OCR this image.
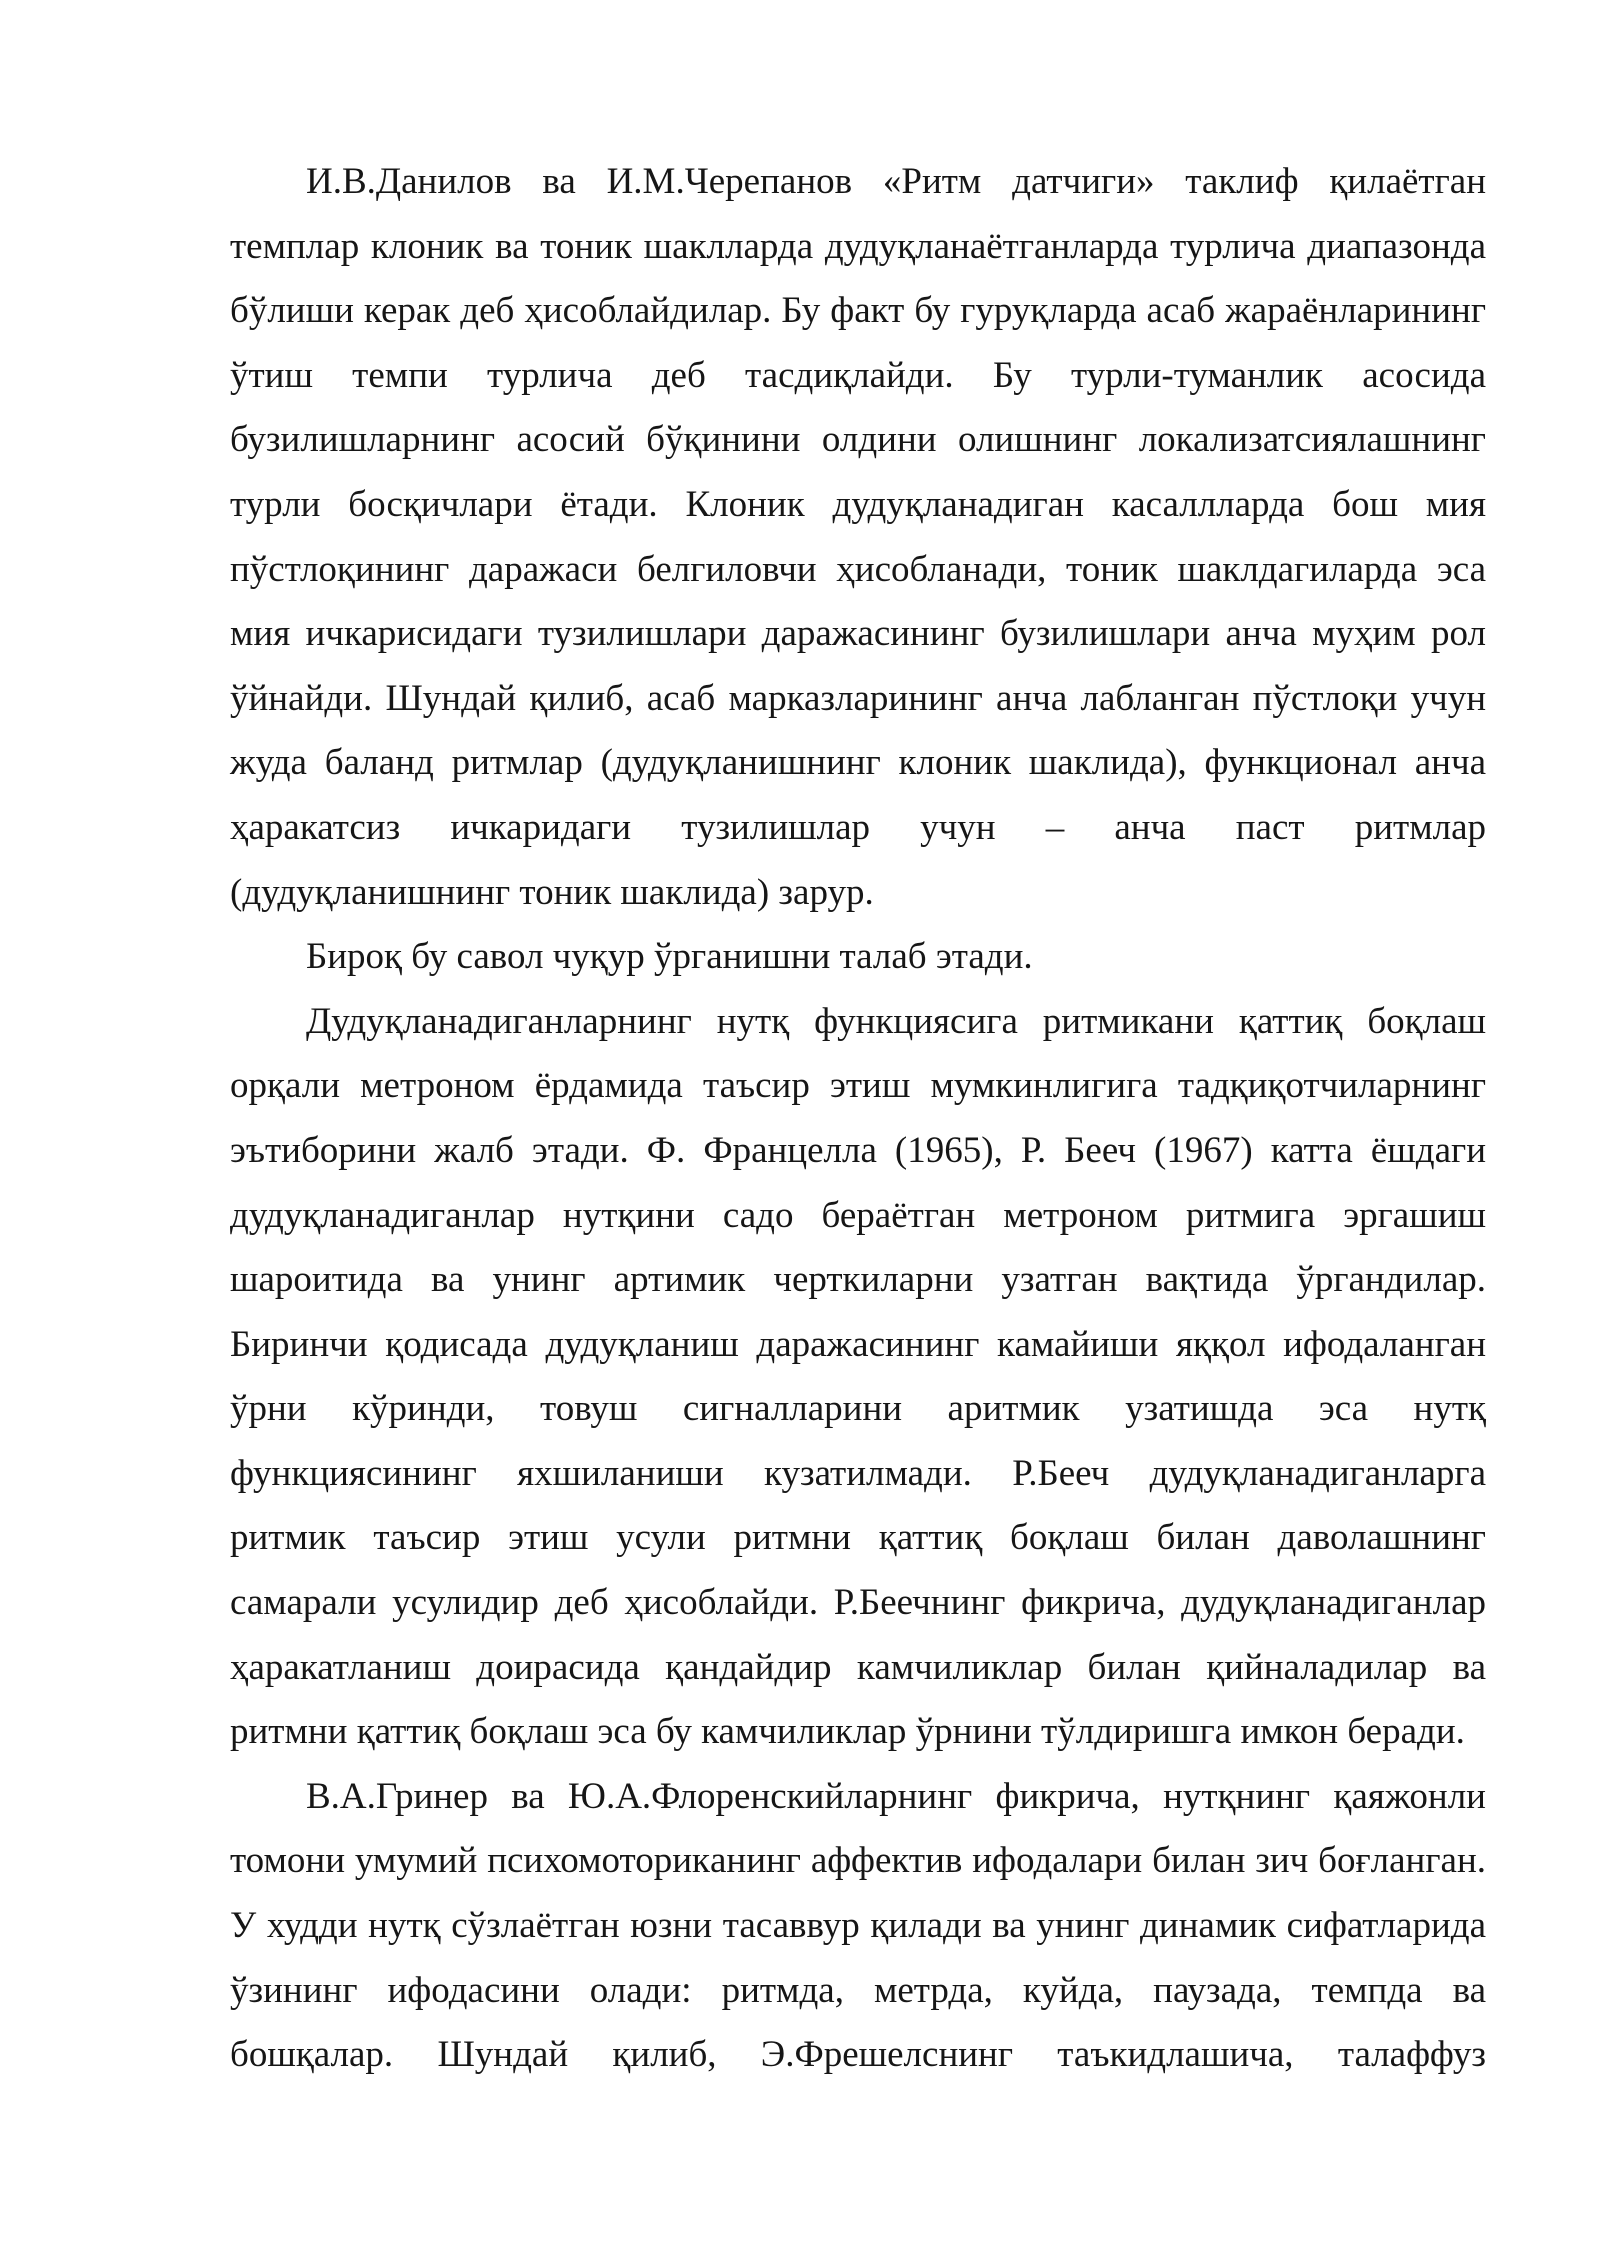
И.В.Данилов ва И.М.Черепанов «Ритм датчиги» таклиф қилаётган темплар клоник ва тоник шаклларда дудуқланаётганларда турлича диапазонда бўлиши керак деб ҳисоблайдилар. Бу факт бу гуруқларда асаб жараёнларининг ўтиш темпи турлича деб тасдиқлайди. Бу турли-туманлик асосида бузилишларнинг асосий бўқинини олдини олишнинг локализатсиялашнинг турли босқичлари ётади. Клоник дудуқланадиган касаллларда бош мия пўстлоқининг даражаси белгиловчи ҳисобланади, тоник шаклдагиларда эса мия ичкарисидаги тузилишлари даражасининг бузилишлари анча муҳим рол ўйнайди. Шундай қилиб, асаб марказларининг анча лабланган пўстлоқи учун жуда баланд ритмлар (дудуқланишнинг клоник шаклида), функционал анча ҳаракатсиз ичкаридаги тузилишлар учун – анча паст ритмлар (дудуқланишнинг тоник шаклида) зарур.

Бироқ бу савол чуқур ўрганишни талаб этади.

Дудуқланадиганларнинг нутқ функциясига ритмикани қаттиқ боқлаш орқали метроном ёрдамида таъсир этиш мумкинлигига тадқиқотчиларнинг эътиборини жалб этади. Ф. Францелла (1965), Р. Бееч (1967) катта ёшдаги дудуқланадиганлар нутқини садо бераётган метроном ритмига эргашиш шароитида ва унинг артимик черткиларни узатган вақтида ўргандилар. Биринчи қодисада дудуқланиш даражасининг камайиши яққол ифодаланган ўрни кўринди, товуш сигналларини аритмик узатишда эса нутқ функциясининг яхшиланиши кузатилмади. Р.Бееч дудуқланадиганларга ритмик таъсир этиш усули ритмни қаттиқ боқлаш билан даволашнинг самарали усулидир деб ҳисоблайди. Р.Беечнинг фикрича, дудуқланадиганлар ҳаракатланиш доирасида қандайдир камчиликлар билан қийналадилар ва ритмни қаттиқ боқлаш эса бу камчиликлар ўрнини тўлдиришга имкон беради.

В.А.Гринер ва Ю.А.Флоренскийларнинг фикрича, нутқнинг қаяжонли томони умумий психомоторикaнинг аффектив ифодалари билан зич боғланган. У худди нутқ сўзлаётган юзни тасаввур қилади ва унинг динамик сифатларида ўзининг ифодасини олади: ритмда, метрда, куйда, паузада, темпда ва бошқалар. Шундай қилиб, Э.Фрешелснинг таъкидлашича, талаффуз
